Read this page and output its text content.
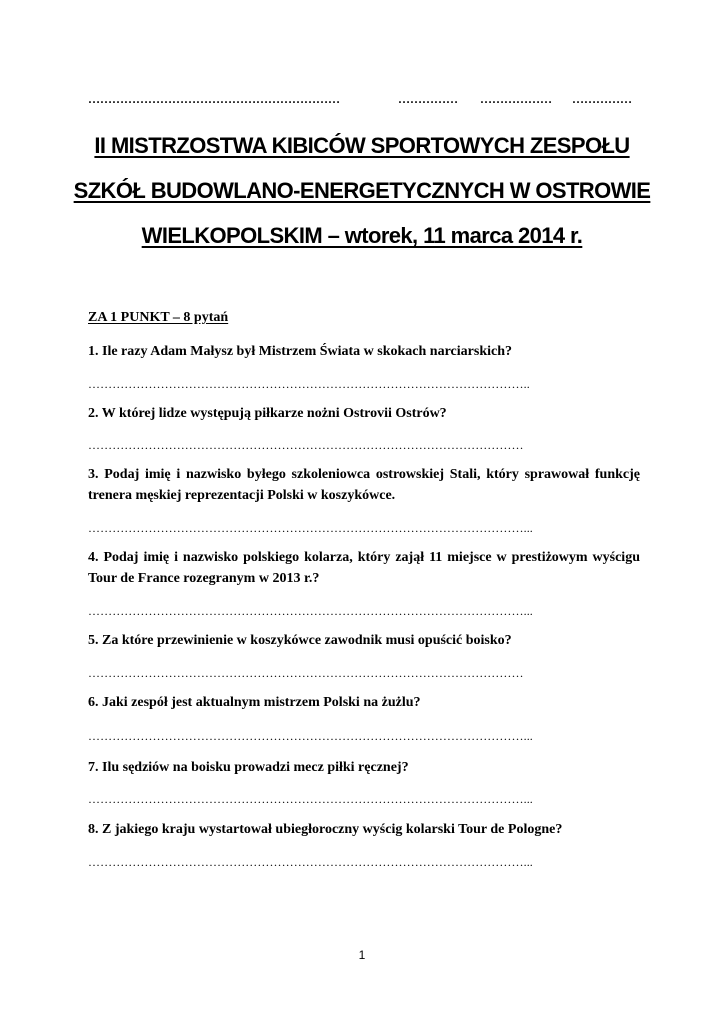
………………………………………………………	…………… ……………… ……………
II MISTRZOSTWA KIBICÓW SPORTOWYCH ZESPOŁU
SZKÓŁ BUDOWLANO-ENERGETYCZNYCH W OSTROWIE
WIELKOPOLSKIM – wtorek, 11 marca 2014 r.
ZA 1 PUNKT – 8 pytań
1. Ile razy Adam Małysz był Mistrzem Świata w skokach narciarskich?
………………………………………………………………………………………………..
2. W której lidze występują piłkarze nożni Ostrovii Ostrów?
………………………………………………………………………………………………
3. Podaj imię i nazwisko byłego szkoleniowca ostrowskiej Stali, który sprawował funkcję trenera męskiej reprezentacji Polski w koszykówce.
………………………………………………………………………………………………...
4. Podaj imię i nazwisko polskiego kolarza, który zajął 11 miejsce w prestiżowym wyścigu Tour de France rozegranym w 2013 r.?
………………………………………………………………………………………………...
5. Za które przewinienie w koszykówce zawodnik musi opuścić boisko?
………………………………………………………………………………………………
6. Jaki zespół jest aktualnym mistrzem Polski na żużlu?
………………………………………………………………………………………………...
7. Ilu sędziów na boisku prowadzi mecz piłki ręcznej?
………………………………………………………………………………………………...
8. Z jakiego kraju wystartował ubiegłoroczny wyścig kolarski Tour de Pologne?
………………………………………………………………………………………………...
1
